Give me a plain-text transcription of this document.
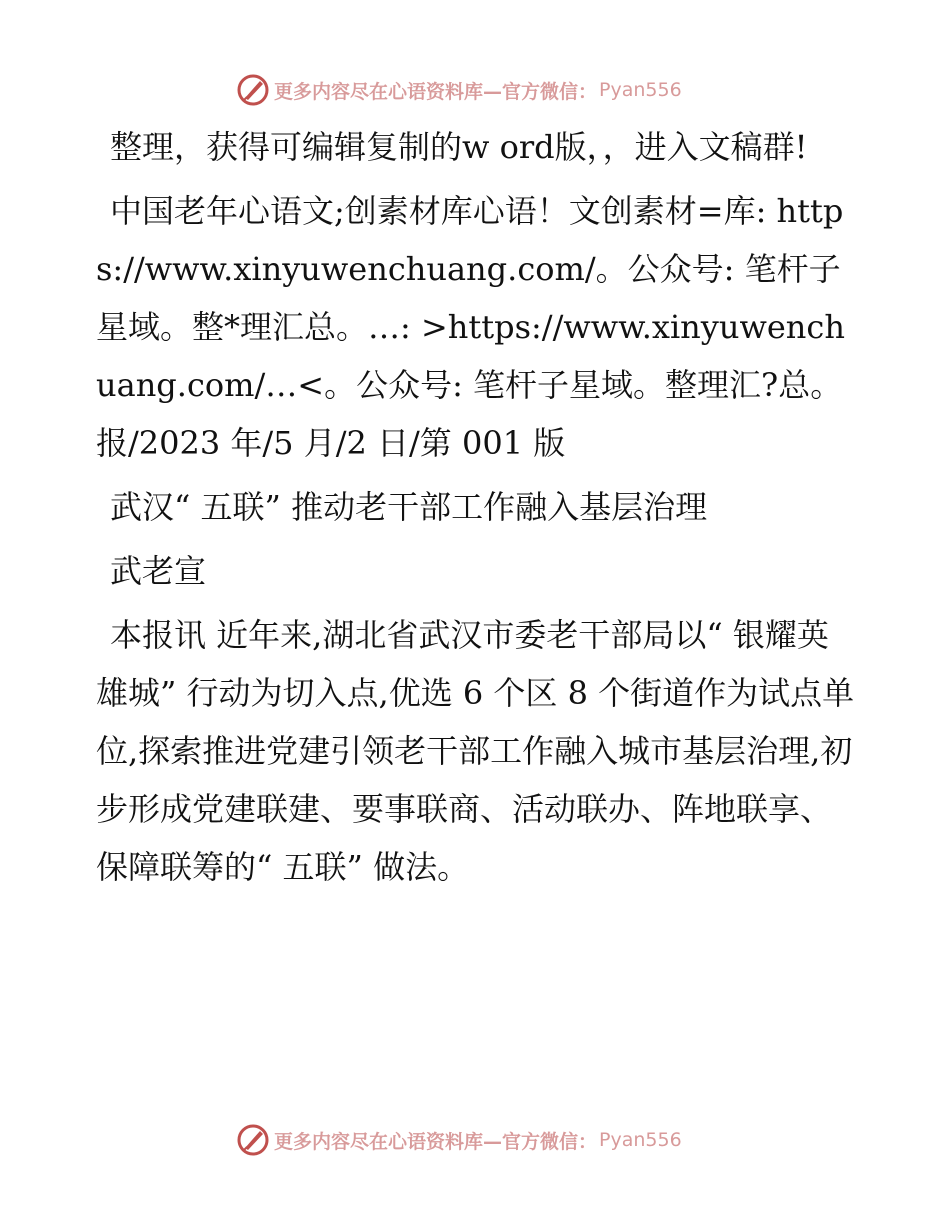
更多内容尽在心语资料库—官方微信： Pyan556

整理，获得可编辑复制的w ord版，，进入文稿群!

中国老年心语文;创素材库心语！文创素材=库: https://www.xinyuwenchuang.com/。公众号: 笔杆子星域。整*理汇总。…: >https://www.xinyuwenchuang.com/…<。公众号: 笔杆子星域。整理汇?总。报/2023 年/5 月/2 日/第 001 版

武汉“ 五联” 推动老干部工作融入基层治理

武老宣

本报讯 近年来,湖北省武汉市委老干部局以“ 银耀英雄城” 行动为切入点,优选 6 个区 8 个街道作为试点单位,探索推进党建引领老干部工作融入城市基层治理,初步形成党建联建、要事联商、活动联办、阵地联享、保障联筹的“ 五联” 做法。

更多内容尽在心语资料库—官方微信： Pyan556
